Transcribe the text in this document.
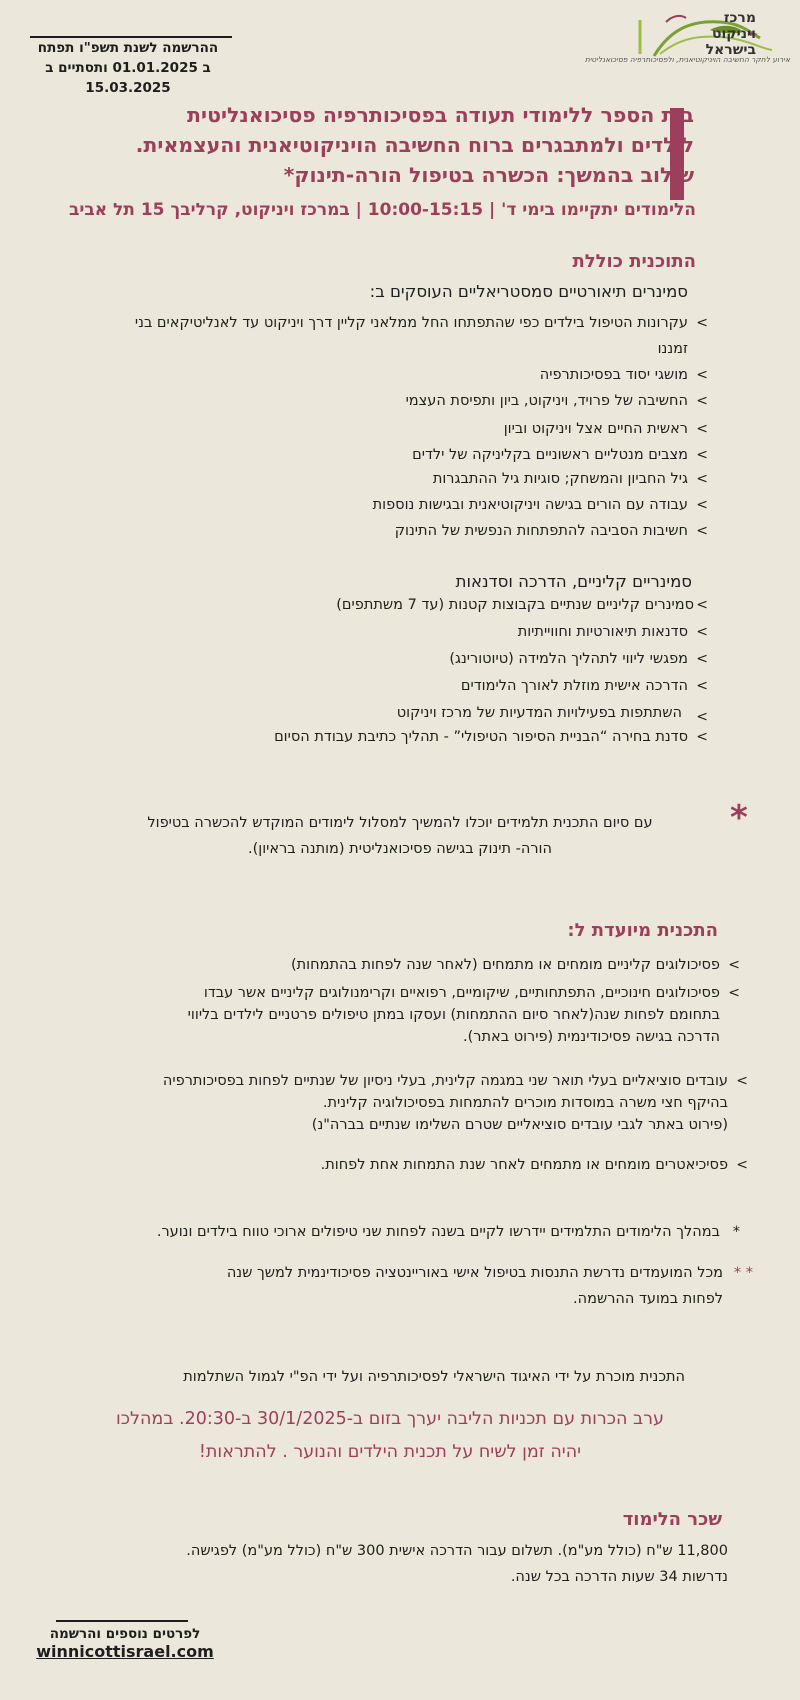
ההרשמה לשנת תשפ"ו תפתח
ב 01.01.2025 ותסתיים ב 15.03.2025
מרכז
ויניקוט
בישראל
אירוע לחקר החשיבה הויניקוטיאנית, ולפסיכותרפיה פסיכואנליטית
בית הספר ללימודי תעודה בפסיכותרפיה פסיכואנליטית
לילדים ולמתבגרים ברוח החשיבה הויניקוטיאנית והעצמאית.
שילוב בהמשך: הכשרה בטיפול הורה-תינוק*
הלימודים יתקיימו בימי ד' | 10:00-15:15 | במרכז ויניקוט, קרליבך 15 תל אביב
התוכנית כוללת
סמינרים תיאורטיים סמסטריאליים העוסקים ב:
>
עקרונות הטיפול בילדים כפי שהתפתחו החל ממלאני קליין דרך ויניקוט עד לאנליטיקאים בני זמננו
>
מושגי יסוד בפסיכותרפיה
>
החשיבה של פרויד, ויניקוט, ביון ותפיסת העצמי
>
ראשית החיים אצל ויניקוט וביון
>
מצבים מנטליים ראשוניים בקליניקה של ילדים
>
גיל החביון והמשחק; סוגיות גיל ההתבגרות
>
עבודה עם הורים בגישה ויניקוטיאנית ובגישות נוספות
>
חשיבות הסביבה להתפתחות הנפשית של התינוק
סמינריים קליניים, הדרכה וסדנאות
>
סמינרים קליניים שנתיים בקבוצות קטנות (עד 7 משתתפים)
>
סדנאות תיאורטיות וחווייתיות
>
מפגשי ליווי לתהליך הלמידה (טיוטורינג)
>
הדרכה אישית מוזלת לאורך הלימודים
>
השתתפות בפעילויות המדעיות של מרכז ויניקוט
>
סדנת בחירה “הבניית הסיפור הטיפולי” - תהליך כתיבת עבודת הסיום
*
עם סיום התכנית תלמידים יוכלו להמשיך למסלול לימודים המוקדש להכשרה בטיפול
הורה- תינוק בגישה פסיכואנליטית (מותנה בראיון).
התכנית מיועדת ל:
>
פסיכולוגים קליניים מומחים או מתמחים (לאחר שנה לפחות בהתמחות)
>
פסיכולוגים חינוכיים, התפתחותיים, שיקומיים, רפואיים וקרימנולוגים קליניים אשר עבדו
בתחומם לפחות שנה(לאחר סיום ההתמחות) ועסקו במתן טיפולים פרטניים לילדים בליווי
הדרכה בגישה פסיכודינמית (פירוט באתר).
>
עובדים סוציאליים בעלי תואר שני במגמה קלינית, בעלי ניסיון של שנתיים לפחות בפסיכותרפיה
בהיקף חצי משרה במוסדות מוכרים להתמחות בפסיכולוגיה קלינית.
(פירוט באתר לגבי עובדים סוציאליים שטרם השלימו שנתיים בברה"נ)
>
פסיכיאטרים מומחים או מתמחים לאחר שנת התמחות אחת לפחות.
*
במהלך הלימודים התלמידים יידרשו לקיים בשנה לפחות שני טיפולים ארוכי טווח בילדים ונוער.
* *
מכל המועמדים נדרשת התנסות בטיפול אישי באוריינטציה פסיכודינמית למשך שנה
לפחות במועד ההרשמה.
התכנית מוכרת על ידי האיגוד הישראלי לפסיכותרפיה ועל ידי הפ"י לגמול השתלמות
ערב הכרות עם תכניות הליבה יערך בזום ב-30/1/2025 ב-20:30. במהלכו
יהיה זמן לשיח על תכנית הילדים והנוער . להתראות!
שכר הלימוד
11,800 ש"ח (כולל מע"מ). תשלום עבור הדרכה אישית 300 ש"ח (כולל מע"מ) לפגישה.
נדרשות 34 שעות הדרכה בכל שנה.
לפרטים נוספים והרשמה
winnicottisrael.com
